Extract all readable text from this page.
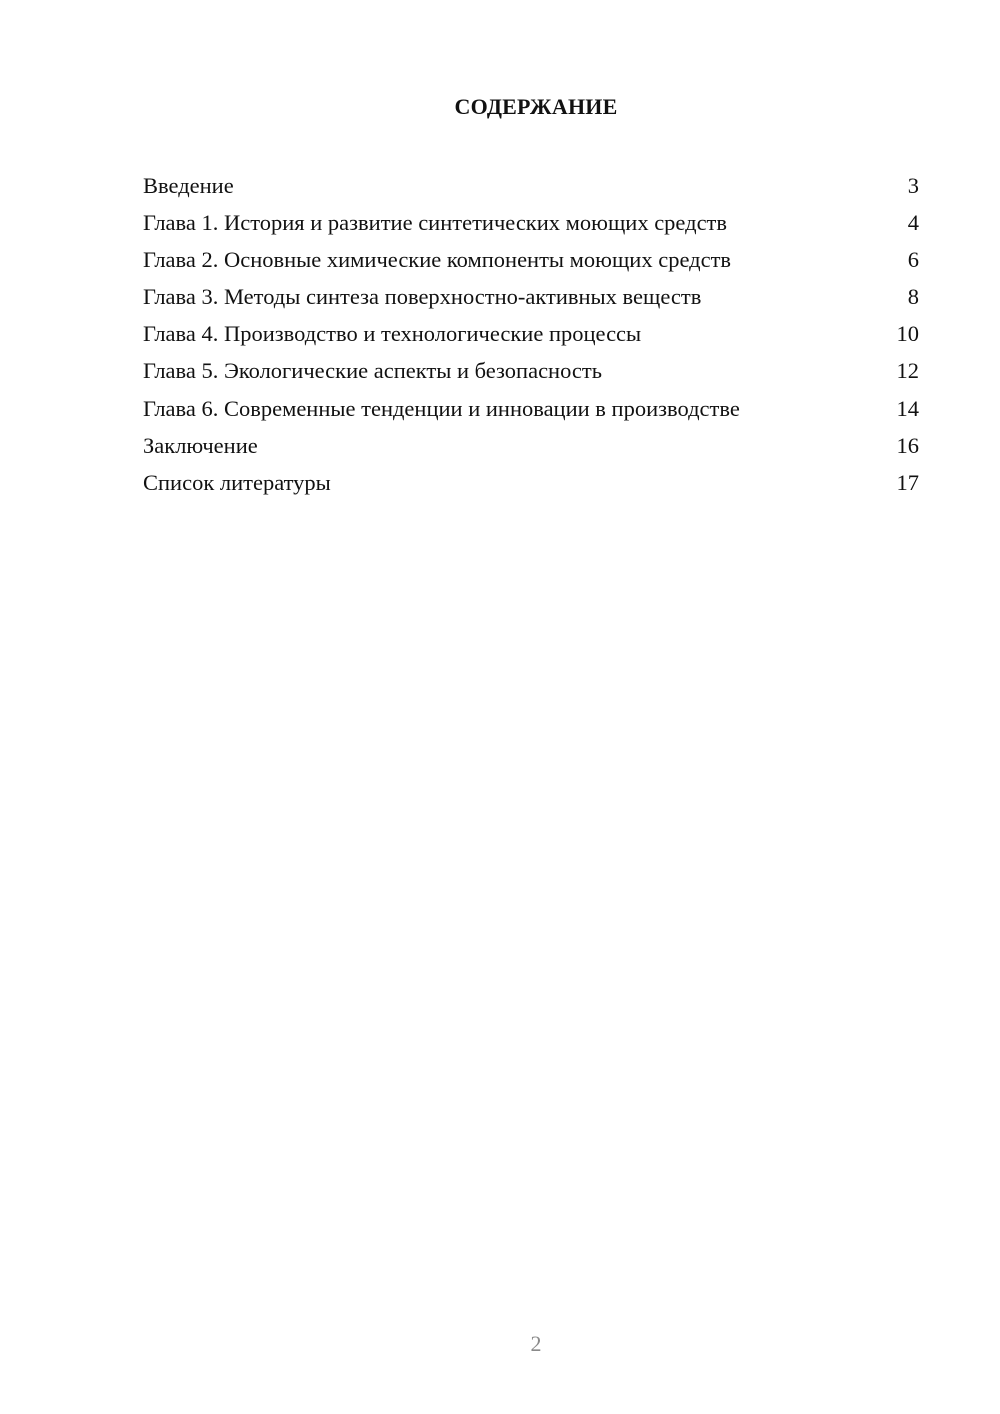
СОДЕРЖАНИЕ
Введение	3
Глава 1. История и развитие синтетических моющих средств	4
Глава 2. Основные химические компоненты моющих средств	6
Глава 3. Методы синтеза поверхностно-активных веществ	8
Глава 4. Производство и технологические процессы	10
Глава 5. Экологические аспекты и безопасность	12
Глава 6. Современные тенденции и инновации в производстве	14
Заключение	16
Список литературы	17

2
